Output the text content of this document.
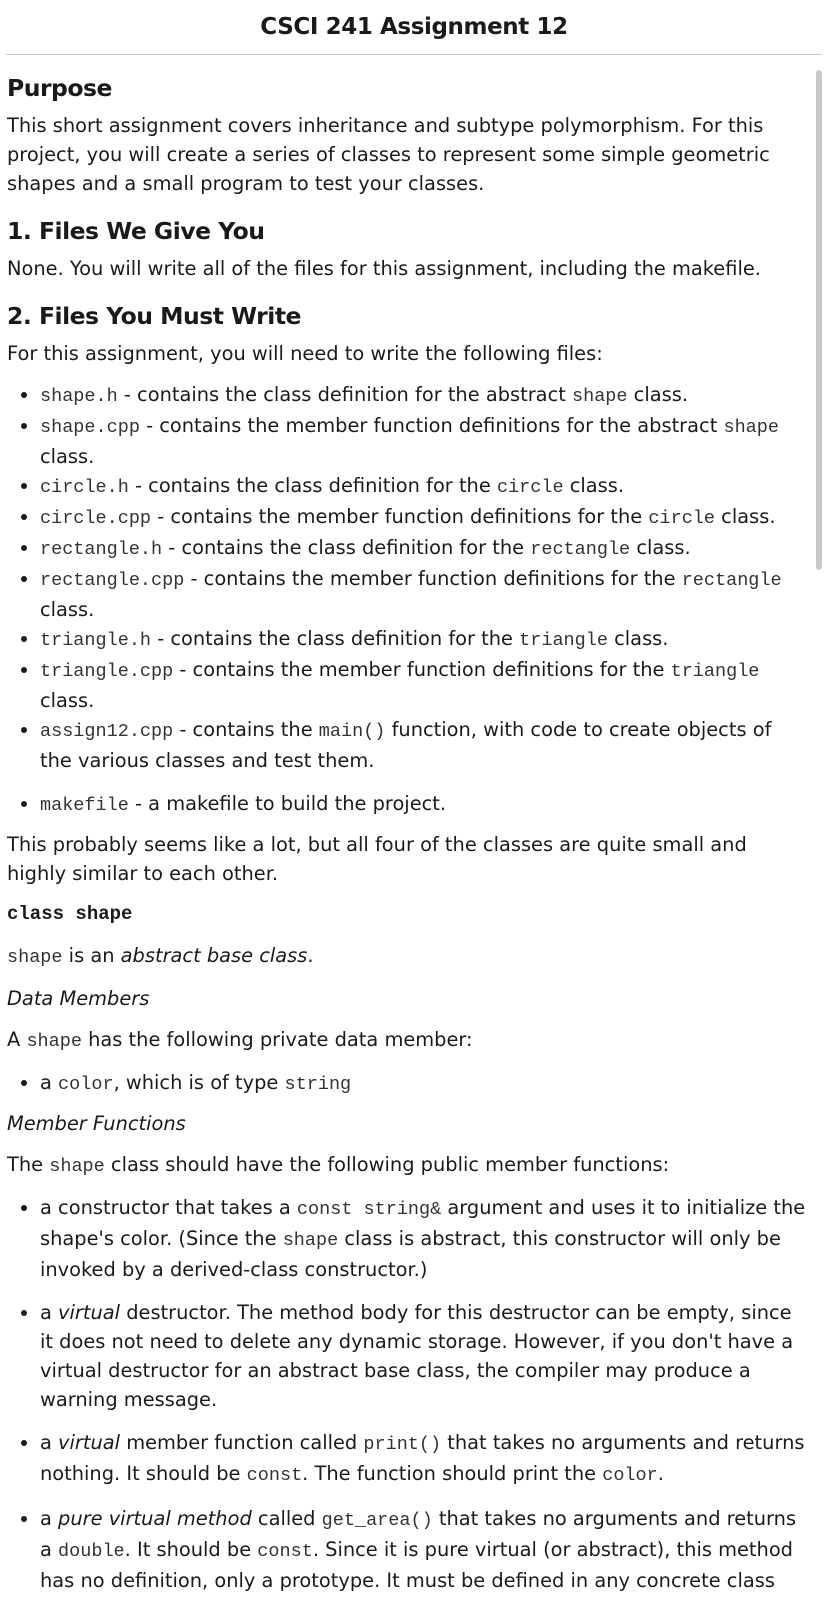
CSCI 241 Assignment 12
Purpose

This short assignment covers inheritance and subtype polymorphism. For this project, you will create a series of classes to represent some simple geometric shapes and a small program to test your classes.

1. Files We Give You

None. You will write all of the files for this assignment, including the makefile.

2. Files You Must Write

For this assignment, you will need to write the following files:

• shape.h - contains the class definition for the abstract shape class.
• shape.cpp - contains the member function definitions for the abstract shape class.
• circle.h - contains the class definition for the circle class.
• circle.cpp - contains the member function definitions for the circle class.
• rectangle.h - contains the class definition for the rectangle class.
• rectangle.cpp - contains the member function definitions for the rectangle class.
• triangle.h - contains the class definition for the triangle class.
• triangle.cpp - contains the member function definitions for the triangle class.
• assign12.cpp - contains the main() function, with code to create objects of the various classes and test them.
• makefile - a makefile to build the project.

This probably seems like a lot, but all four of the classes are quite small and highly similar to each other.

class shape

shape is an abstract base class.

Data Members

A shape has the following private data member:

• a color, which is of type string

Member Functions

The shape class should have the following public member functions:

• a constructor that takes a const string& argument and uses it to initialize the shape's color. (Since the shape class is abstract, this constructor will only be invoked by a derived-class constructor.)
• a virtual destructor. The method body for this destructor can be empty, since it does not need to delete any dynamic storage. However, if you don't have a virtual destructor for an abstract base class, the compiler may produce a warning message.
• a virtual member function called print() that takes no arguments and returns nothing. It should be const. The function should print the color.
• a pure virtual method called get_area() that takes no arguments and returns a double. It should be const. Since it is pure virtual (or abstract), this method has no definition, only a prototype. It must be defined in any concrete class
